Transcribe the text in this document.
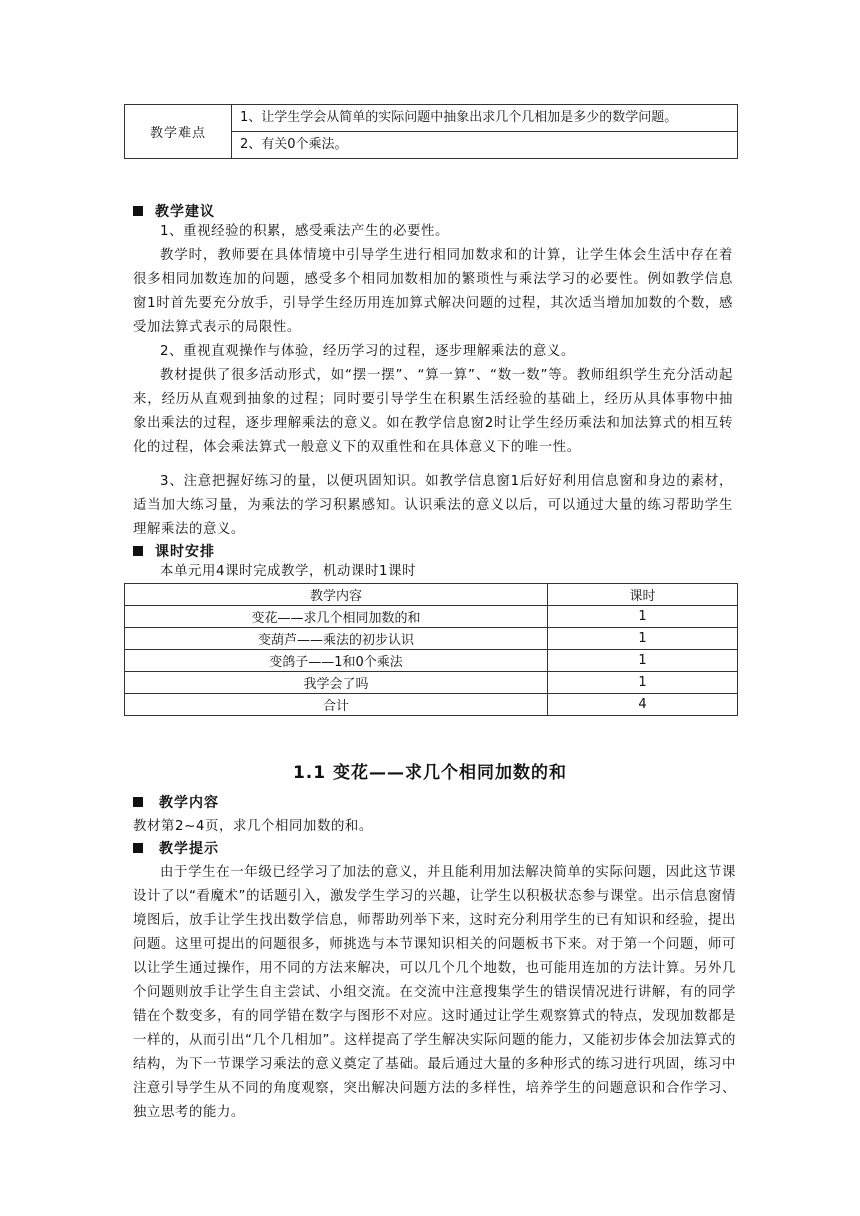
教学难点	1、让学生学会从简单的实际问题中抽象出求几个几相加是多少的数学问题。
2、有关0个乘法。
教学建议
1、重视经验的积累，感受乘法产生的必要性。
教学时，教师要在具体情境中引导学生进行相同加数求和的计算，让学生体会生活中存在着很多相同加数连加的问题，感受多个相同加数相加的繁琐性与乘法学习的必要性。例如教学信息窗1时首先要充分放手，引导学生经历用连加算式解决问题的过程，其次适当增加加数的个数，感受加法算式表示的局限性。
2、重视直观操作与体验，经历学习的过程，逐步理解乘法的意义。
教材提供了很多活动形式，如“摆一摆”、“算一算”、“数一数”等。教师组织学生充分活动起来，经历从直观到抽象的过程；同时要引导学生在积累生活经验的基础上，经历从具体事物中抽象出乘法的过程，逐步理解乘法的意义。如在教学信息窗2时让学生经历乘法和加法算式的相互转化的过程，体会乘法算式一般意义下的双重性和在具体意义下的唯一性。
3、注意把握好练习的量，以便巩固知识。如教学信息窗1后好好利用信息窗和身边的素材，适当加大练习量，为乘法的学习积累感知。认识乘法的意义以后，可以通过大量的练习帮助学生理解乘法的意义。
课时安排
本单元用4课时完成教学，机动课时1课时
教学内容	课时
变花——求几个相同加数的和	1
变葫芦——乘法的初步认识	1
变鸽子——1和0个乘法	1
我学会了吗	1
合计	4
1.1 变花——求几个相同加数的和
教学内容
教材第2~4页，求几个相同加数的和。
教学提示
由于学生在一年级已经学习了加法的意义，并且能利用加法解决简单的实际问题，因此这节课设计了以“看魔术”的话题引入，激发学生学习的兴趣，让学生以积极状态参与课堂。出示信息窗情境图后，放手让学生找出数学信息，师帮助列举下来，这时充分利用学生的已有知识和经验，提出问题。这里可提出的问题很多，师挑选与本节课知识相关的问题板书下来。对于第一个问题，师可以让学生通过操作，用不同的方法来解决，可以几个几个地数，也可能用连加的方法计算。另外几个问题则放手让学生自主尝试、小组交流。在交流中注意搜集学生的错误情况进行讲解，有的同学错在个数变多，有的同学错在数字与图形不对应。这时通过让学生观察算式的特点，发现加数都是一样的，从而引出“几个几相加”。这样提高了学生解决实际问题的能力，又能初步体会加法算式的结构，为下一节课学习乘法的意义奠定了基础。最后通过大量的多种形式的练习进行巩固，练习中注意引导学生从不同的角度观察，突出解决问题方法的多样性，培养学生的问题意识和合作学习、独立思考的能力。
